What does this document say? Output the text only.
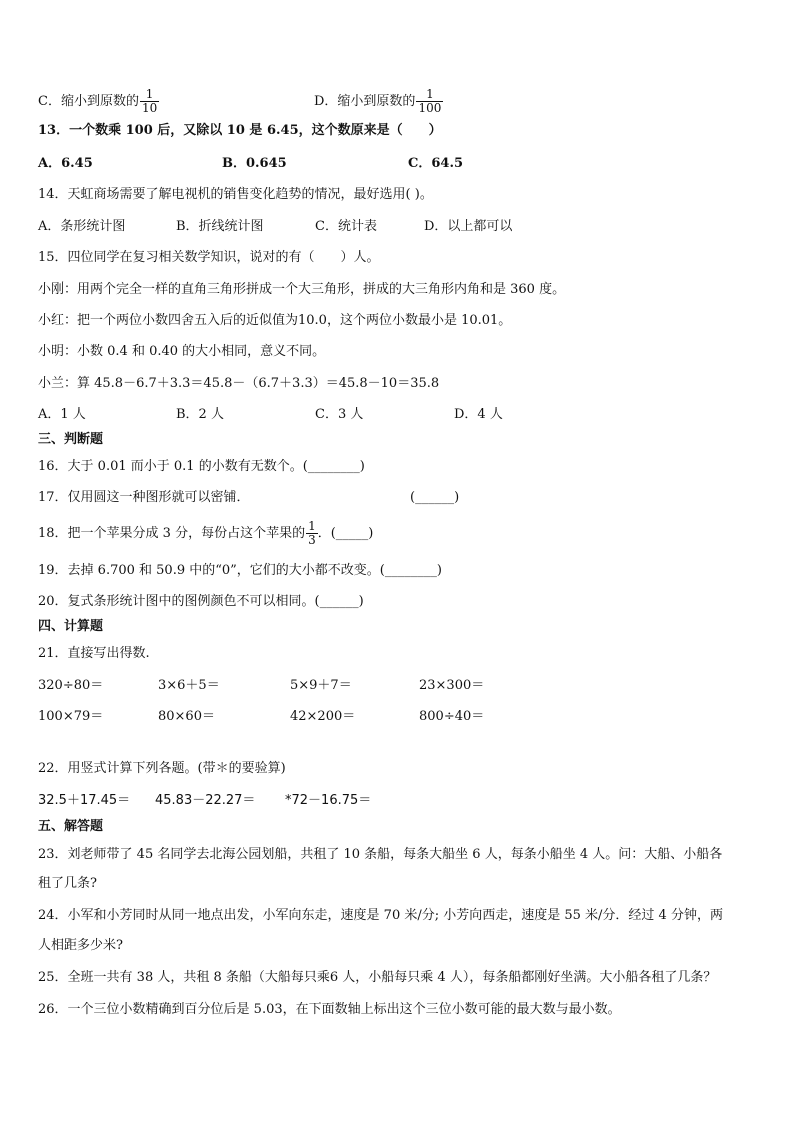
C．缩小到原数的 $\frac{1}{10}$	D．缩小到原数的 $\frac{1}{100}$
13．一个数乘 100 后，又除以 10 是 6.45，这个数原来是（　　）
A．6.45	B．0.645	C．64.5
14．天虹商场需要了解电视机的销售变化趋势的情况，最好选用( )。
A．条形统计图	B．折线统计图	C．统计表	D．以上都可以
15．四位同学在复习相关数学知识，说对的有（　　）人。
小刚：用两个完全一样的直角三角形拼成一个大三角形，拼成的大三角形内角和是 360 度。
小红：把一个两位小数四舍五入后的近似值为10.0，这个两位小数最小是 10.01。
小明：小数 0.4 和 0.40 的大小相同，意义不同。
小兰：算 45.8－6.7＋3.3＝45.8－（6.7＋3.3）＝45.8－10＝35.8
A．1 人	B．2 人	C．3 人	D．4 人
三、判断题
16．大于 0.01 而小于 0.1 的小数有无数个。(________)
17．仅用圆这一种图形就可以密铺．	(______)
18．把一个苹果分成 3 分，每份占这个苹果的 $\frac{1}{3}$ ．(_____)
19．去掉 6.700 和 50.9 中的“0”，它们的大小都不改变。(________)
20．复式条形统计图中的图例颜色不可以相同。(______)
四、计算题
21．直接写出得数.
320÷80＝	3×6＋5＝	5×9＋7＝	23×300＝
100×79＝	80×60＝	42×200＝	800÷40＝
22．用竖式计算下列各题。(带＊的要验算)
32.5＋17.45＝ 45.83－22.27＝ *72－16.75＝
五、解答题
23．刘老师带了 45 名同学去北海公园划船，共租了 10 条船，每条大船坐 6 人，每条小船坐 4 人。问：大船、小船各
租了几条?
24．小军和小芳同时从同一地点出发，小军向东走，速度是 70 米/分; 小芳向西走，速度是 55 米/分．经过 4 分钟，两
人相距多少米?
25．全班一共有 38 人，共租 8 条船（大船每只乘6 人，小船每只乘 4 人），每条船都刚好坐满。大小船各租了几条？
26．一个三位小数精确到百分位后是 5.03，在下面数轴上标出这个三位小数可能的最大数与最小数。
